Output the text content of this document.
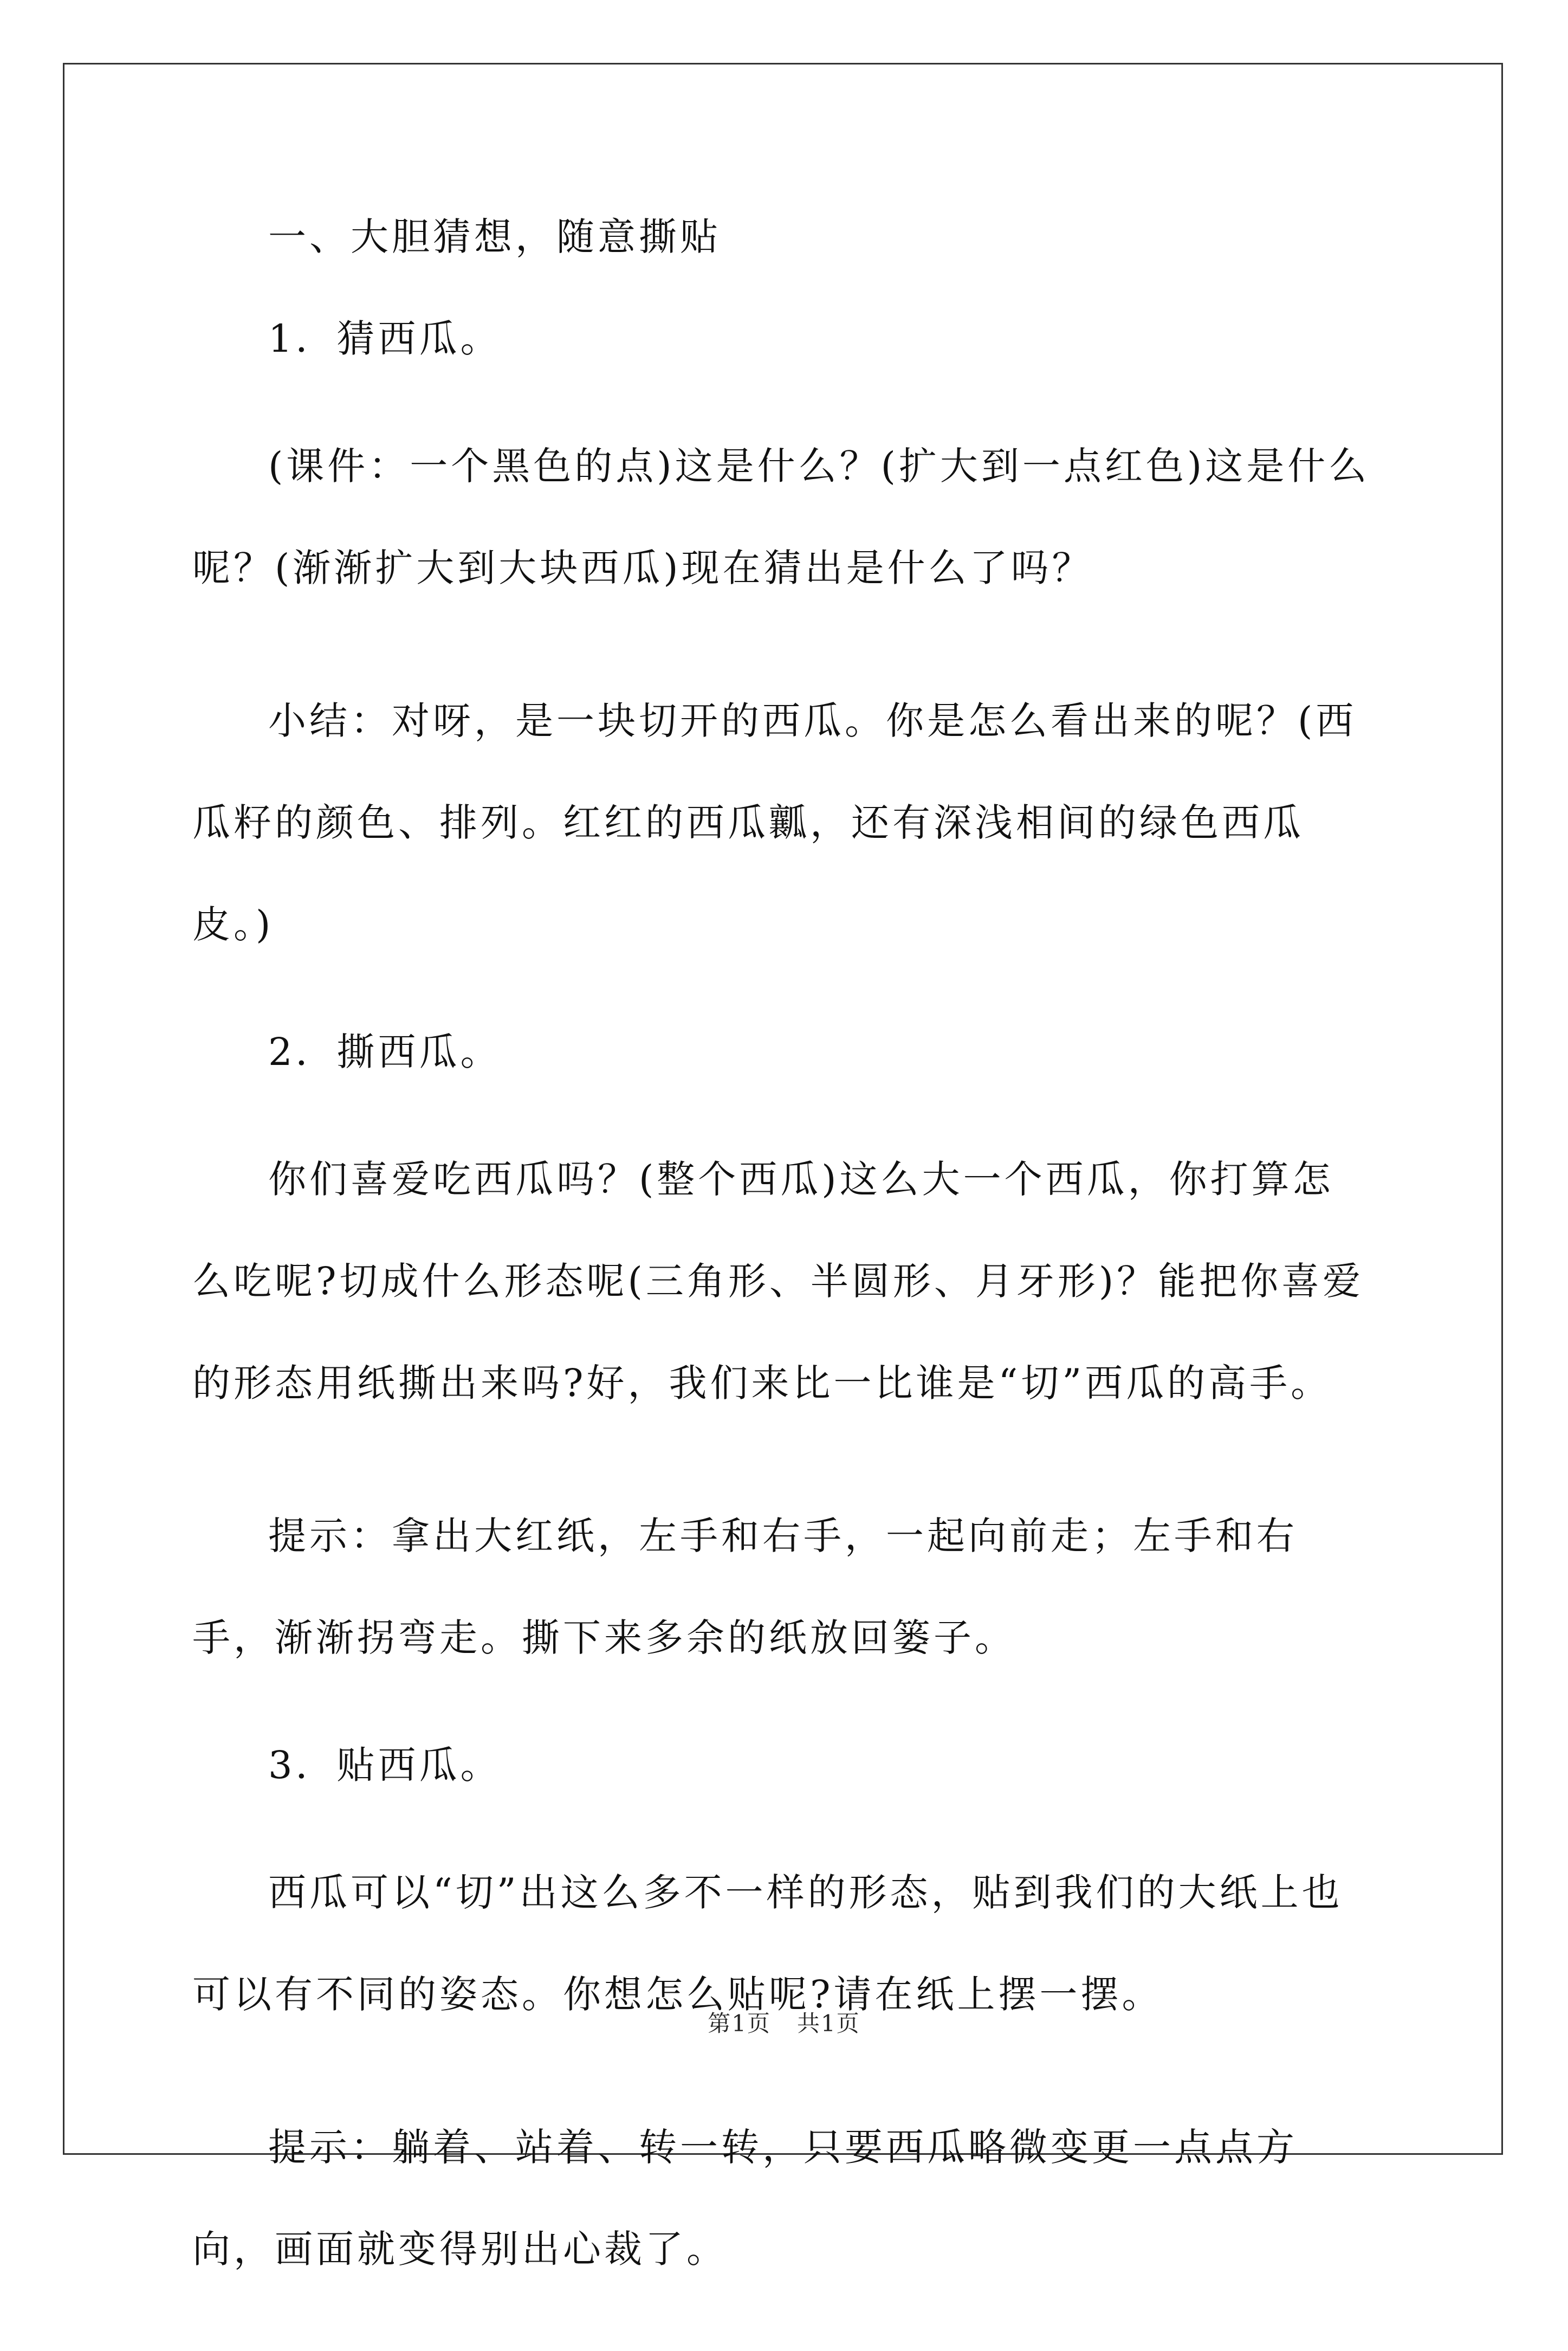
一、大胆猜想，随意撕贴

1．猜西瓜。

(课件：一个黑色的点)这是什么？(扩大到一点红色)这是什么呢？(渐渐扩大到大块西瓜)现在猜出是什么了吗？

小结：对呀，是一块切开的西瓜。你是怎么看出来的呢？(西瓜籽的颜色、排列。红红的西瓜瓤，还有深浅相间的绿色西瓜皮。)

2．撕西瓜。

你们喜爱吃西瓜吗？(整个西瓜)这么大一个西瓜，你打算怎么吃呢?切成什么形态呢(三角形、半圆形、月牙形)？能把你喜爱的形态用纸撕出来吗?好，我们来比一比谁是“切”西瓜的高手。

提示：拿出大红纸，左手和右手，一起向前走；左手和右手，渐渐拐弯走。撕下来多余的纸放回篓子。

3．贴西瓜。

西瓜可以“切”出这么多不一样的形态，贴到我们的大纸上也可以有不同的姿态。你想怎么贴呢?请在纸上摆一摆。

提示：躺着、站着、转一转，只要西瓜略微变更一点点方向，画面就变得别出心裁了。

第1页 共1页
